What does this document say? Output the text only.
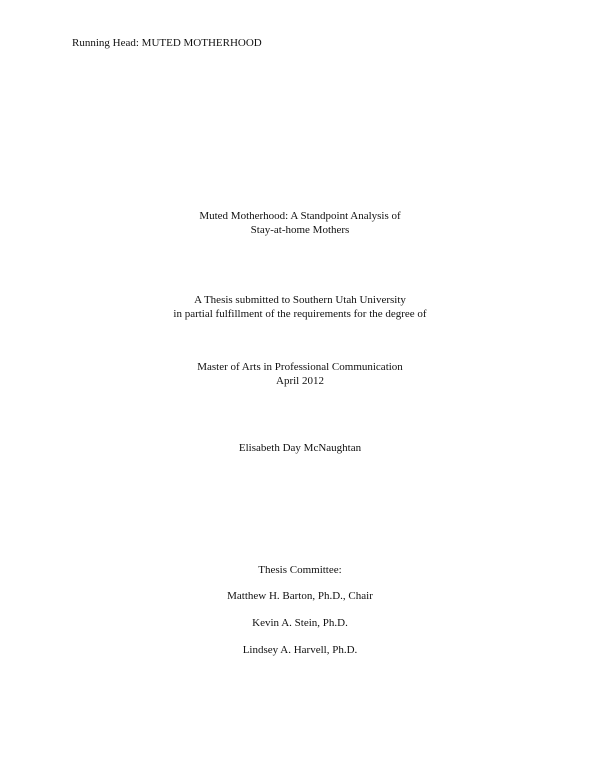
Running Head: MUTED MOTHERHOOD
Muted Motherhood: A Standpoint Analysis of
Stay-at-home Mothers
A Thesis submitted to Southern Utah University
in partial fulfillment of the requirements for the degree of
Master of Arts in Professional Communication
April 2012
Elisabeth Day McNaughtan
Thesis Committee:
Matthew H. Barton, Ph.D., Chair
Kevin A. Stein, Ph.D.
Lindsey A. Harvell, Ph.D.
